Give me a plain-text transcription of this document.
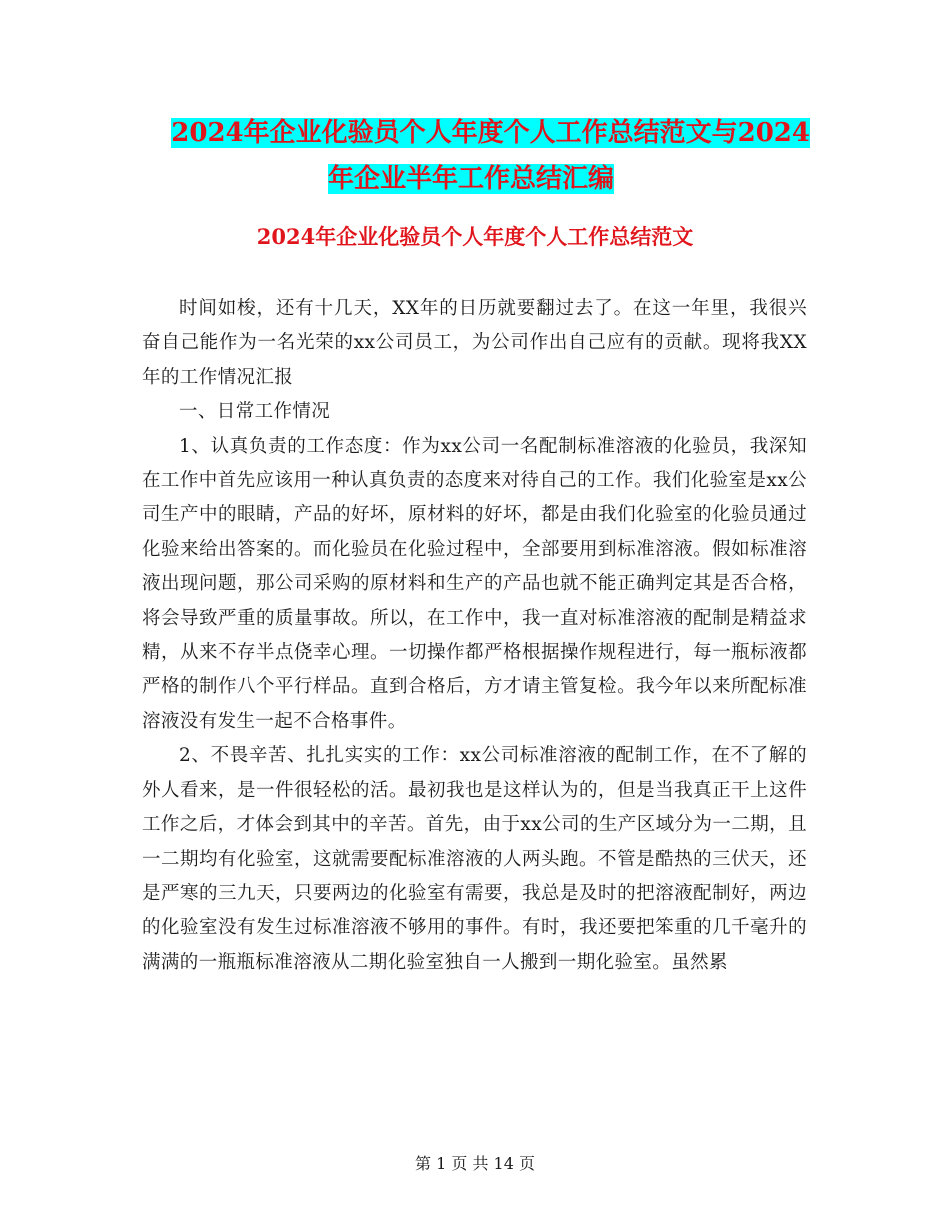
2024年企业化验员个人年度个人工作总结范文与2024
年企业半年工作总结汇编
2024年企业化验员个人年度个人工作总结范文

时间如梭，还有十几天，XX年的日历就要翻过去了。在这一年里，我很兴奋自己能作为一名光荣的xx公司员工，为公司作出自己应有的贡献。现将我XX年的工作情况汇报

一、日常工作情况

1、认真负责的工作态度：作为xx公司一名配制标准溶液的化验员，我深知在工作中首先应该用一种认真负责的态度来对待自己的工作。我们化验室是xx公司生产中的眼睛，产品的好坏，原材料的好坏，都是由我们化验室的化验员通过化验来给出答案的。而化验员在化验过程中，全部要用到标准溶液。假如标准溶液出现问题，那公司采购的原材料和生产的产品也就不能正确判定其是否合格，将会导致严重的质量事故。所以，在工作中，我一直对标准溶液的配制是精益求精，从来不存半点侥幸心理。一切操作都严格根据操作规程进行，每一瓶标液都严格的制作八个平行样品。直到合格后，方才请主管复检。我今年以来所配标准溶液没有发生一起不合格事件。

2、不畏辛苦、扎扎实实的工作：xx公司标准溶液的配制工作，在不了解的外人看来，是一件很轻松的活。最初我也是这样认为的，但是当我真正干上这件工作之后，才体会到其中的辛苦。首先，由于xx公司的生产区域分为一二期，且一二期均有化验室，这就需要配标准溶液的人两头跑。不管是酷热的三伏天，还是严寒的三九天，只要两边的化验室有需要，我总是及时的把溶液配制好，两边的化验室没有发生过标准溶液不够用的事件。有时，我还要把笨重的几千毫升的满满的一瓶瓶标准溶液从二期化验室独自一人搬到一期化验室。虽然累

第 1 页 共 14 页
